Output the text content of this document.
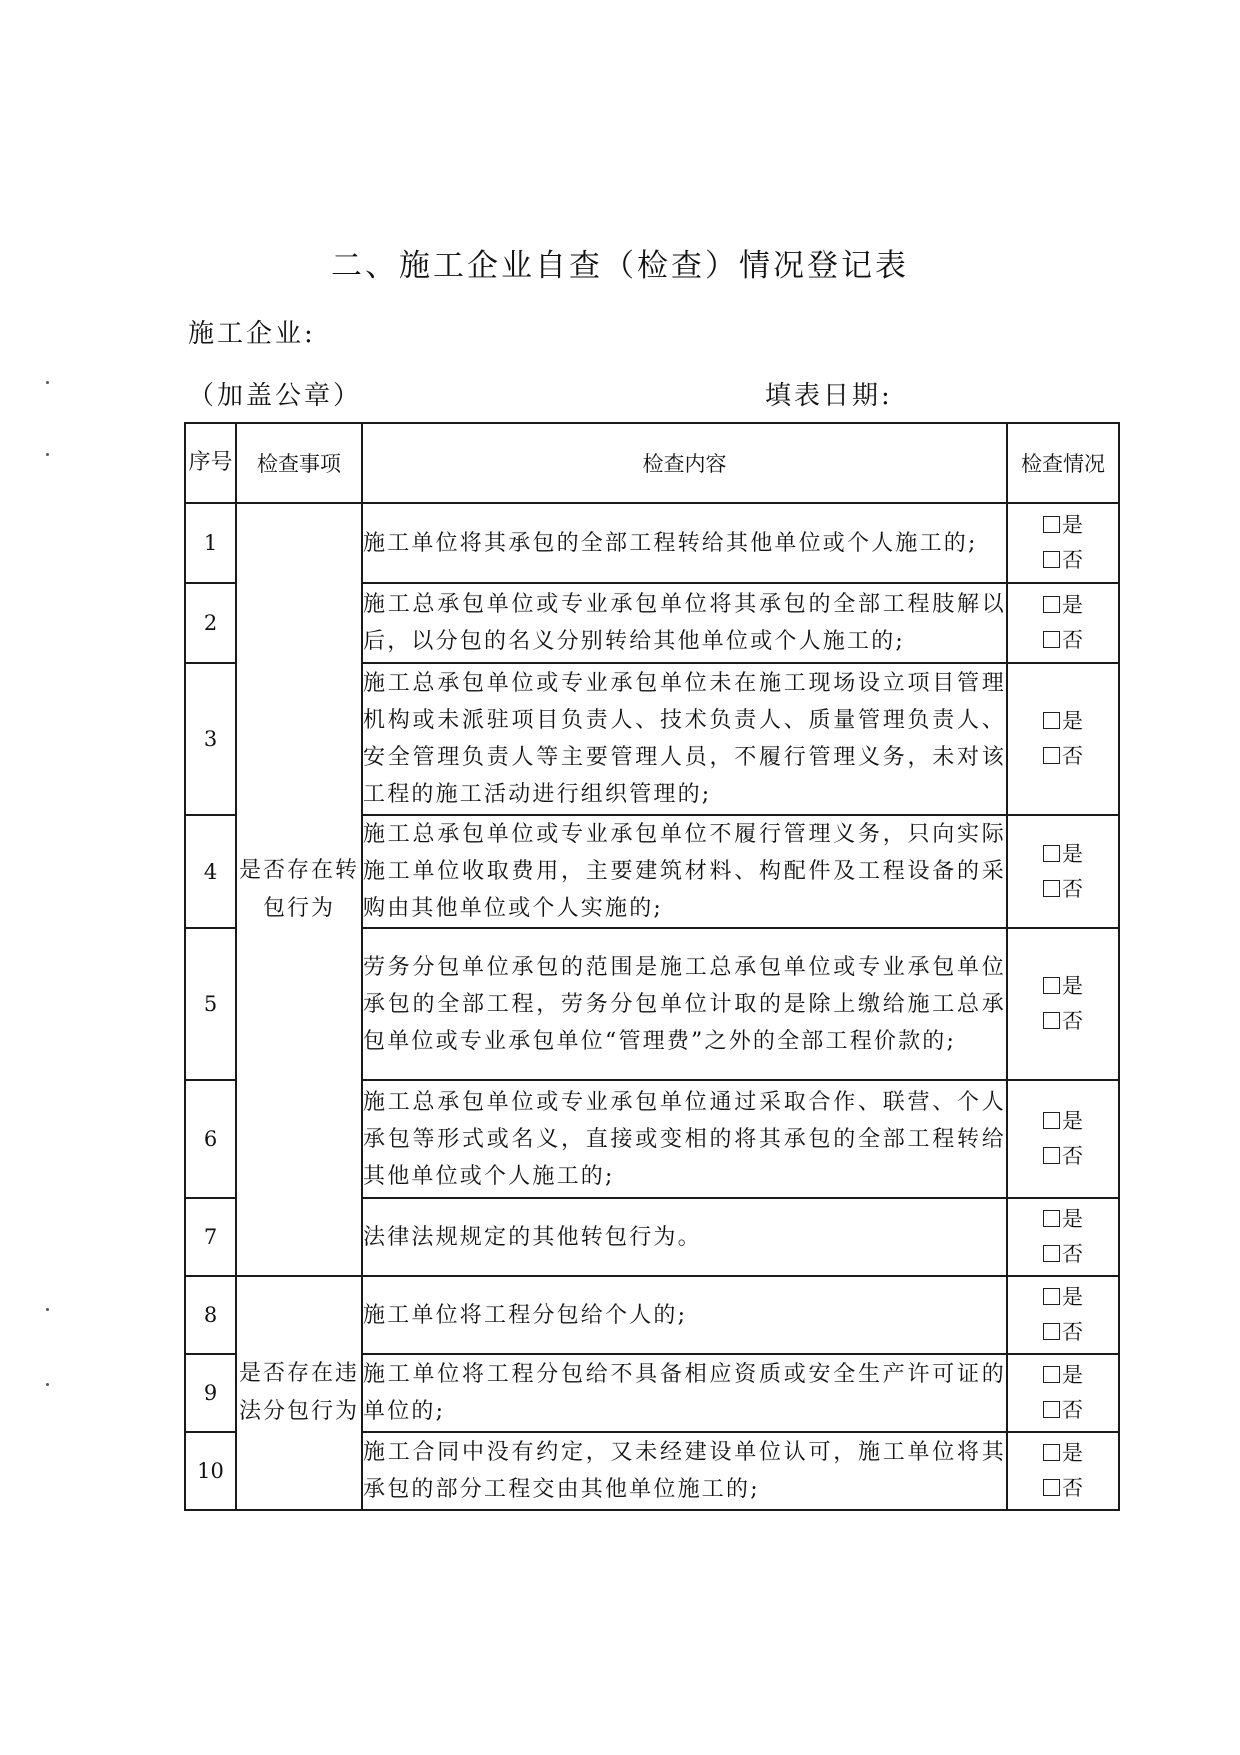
二、施工企业自查（检查）情况登记表
施工企业:
（加盖公章）	填表日期:
序号	检查事项	检查内容	检查情况
1	是否存在转包行为	施工单位将其承包的全部工程转给其他单位或个人施工的;	是
否

2		施工总承包单位或专业承包单位将其承包的全部工程肢解以后，以分包的名义分别转给其他单位或个人施工的;	是
否

3		施工总承包单位或专业承包单位未在施工现场设立项目管理机构或未派驻项目负责人、技术负责人、质量管理负责人、安全管理负责人等主要管理人员，不履行管理义务，未对该工程的施工活动进行组织管理的;	是
否

4		施工总承包单位或专业承包单位不履行管理义务，只向实际施工单位收取费用，主要建筑材料、构配件及工程设备的采购由其他单位或个人实施的;	是
否

5		劳务分包单位承包的范围是施工总承包单位或专业承包单位承包的全部工程，劳务分包单位计取的是除上缴给施工总承包单位或专业承包单位“管理费”之外的全部工程价款的;	是
否

6		施工总承包单位或专业承包单位通过采取合作、联营、个人承包等形式或名义，直接或变相的将其承包的全部工程转给其他单位或个人施工的;	是
否

7		法律法规规定的其他转包行为。	是
否

8	是否存在违法分包行为	施工单位将工程分包给个人的;	是
否

9		施工单位将工程分包给不具备相应资质或安全生产许可证的单位的;	是
否

10		施工合同中没有约定，又未经建设单位认可，施工单位将其承包的部分工程交由其他单位施工的;	是
否
